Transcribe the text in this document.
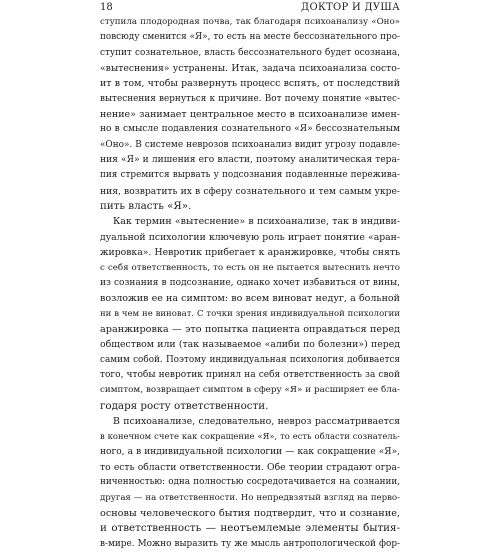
18	ДОКТОР И ДУША
ступила плодородная почва, так благодаря психоанализу «Оно»
повсюду сменится «Я», то есть на месте бессознательного про-
ступит сознательное, власть бессознательного будет осознана,
«вытеснения» устранены. Итак, задача психоанализа состо-
ит в том, чтобы развернуть процесс вспять, от последствий
вытеснения вернуться к причине. Вот почему понятие «вытес-
нение» занимает центральное место в психоанализе имен-
но в смысле подавления сознательного «Я» бессознательным
«Оно». В системе неврозов психоанализ видит угрозу подавле-
ния «Я» и лишения его власти, поэтому аналитическая тера-
пия стремится вырвать у подсознания подавленные пережива-
ния, возвратить их в сферу сознательного и тем самым укре-
пить власть «Я».
Как термин «вытеснение» в психоанализе, так в индиви-
дуальной психологии ключевую роль играет понятие «аран-
жировка». Невротик прибегает к аранжировке, чтобы снять
с себя ответственность, то есть он не пытается вытеснить нечто
из сознания в подсознание, однако хочет избавиться от вины,
возложив ее на симптом: во всем виноват недуг, а больной
ни в чем не виноват. С точки зрения индивидуальной психологии
аранжировка — это попытка пациента оправдаться перед
обществом или (так называемое «алиби по болезни») перед
самим собой. Поэтому индивидуальная психология добивается
того, чтобы невротик принял на себя ответственность за свой
симптом, возвращает симптом в сферу «Я» и расширяет ее бла-
годаря росту ответственности.
В психоанализе, следовательно, невроз рассматривается
в конечном счете как сокращение «Я», то есть области сознатель-
ного, а в индивидуальной психологии — как сокращение «Я»,
то есть области ответственности. Обе теории страдают огра-
ниченностью: одна полностью сосредотачивается на сознании,
другая — на ответственности. Но непредвзятый взгляд на перво-
основы человеческого бытия подтвердит, что и сознание,
и ответственность — неотъемлемые элементы бытия-
в-мире. Можно выразить ту же мысль антропологической фор-
